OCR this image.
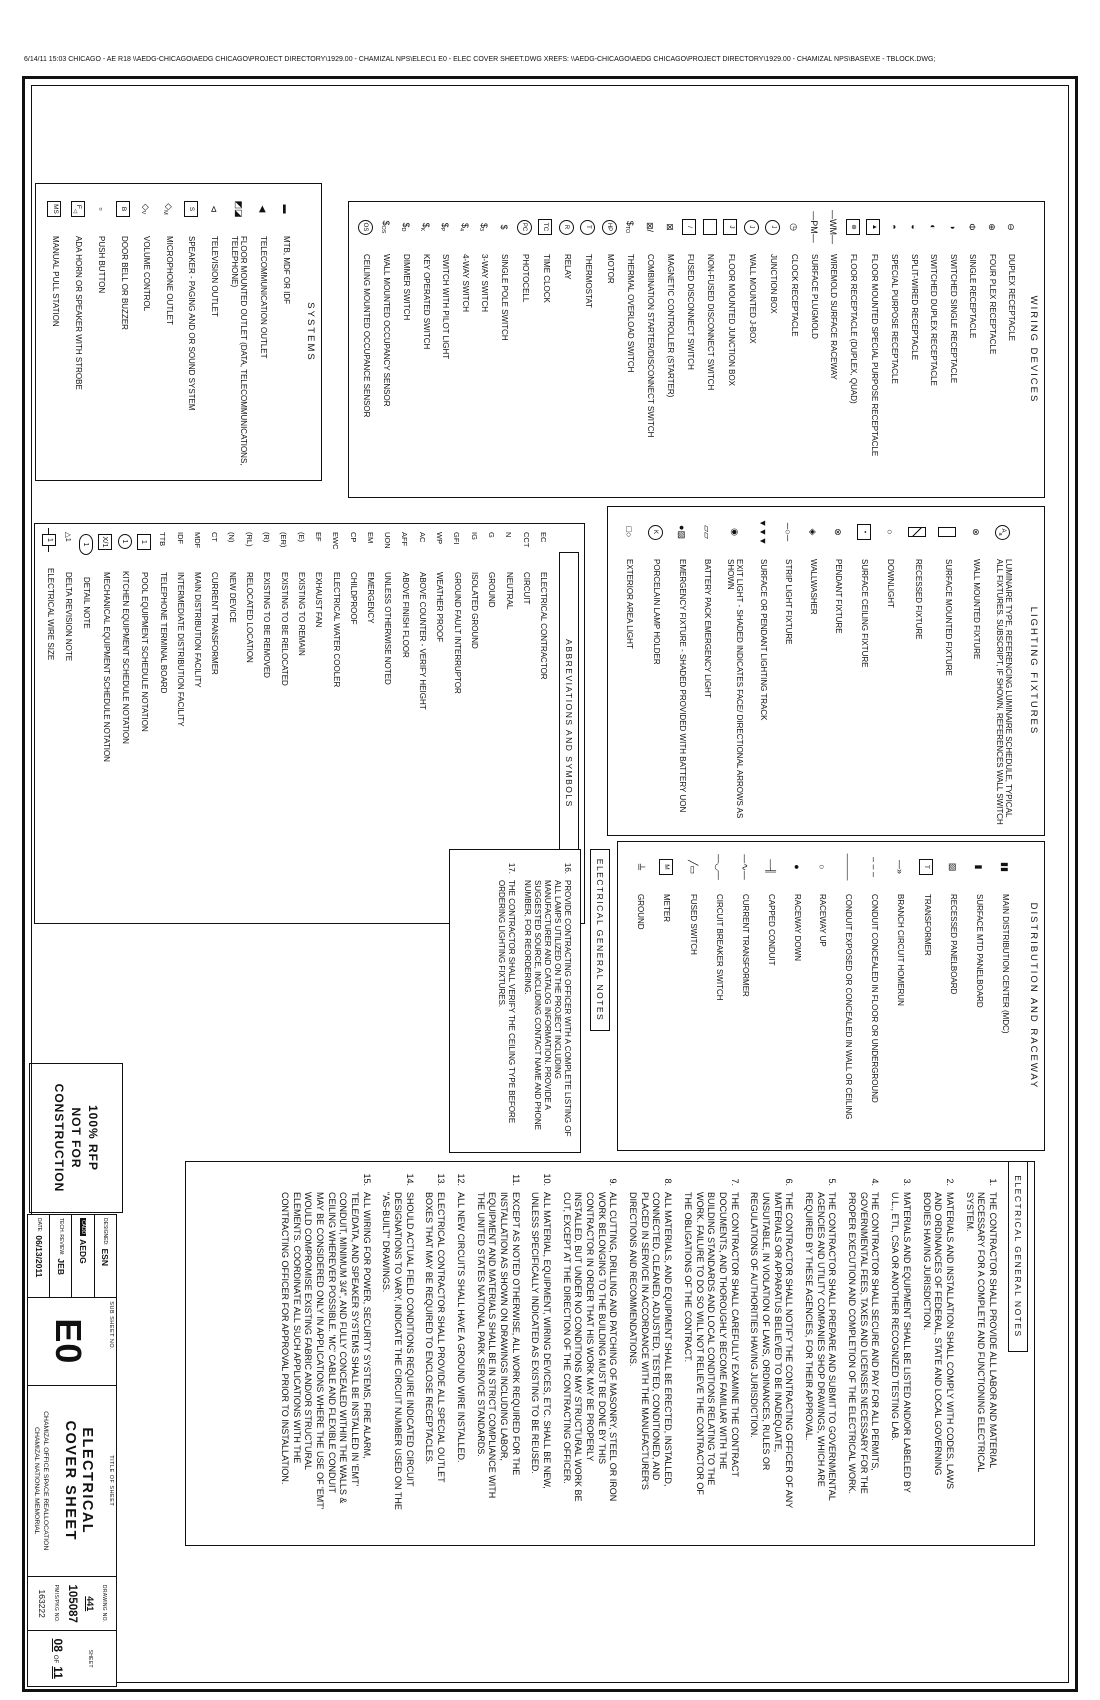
6/14/11 15:03 CHICAGO - AE R18 \\AEDG-CHICAGO\AEDG CHICAGO\PROJECT DIRECTORY\1929.00 - CHAMIZAL NPS\ELEC\1 E0 - ELEC COVER SHEET.DWG XREFS: \\AEDG-CHICAGO\AEDG CHICAGO\PROJECT DIRECTORY\1929.00 - CHAMIZAL NPS\BASE\XE - TBLOCK.DWG;
WIRING DEVICES
⊖
DUPLEX RECEPTACLE
⊕
FOUR PLEX RECEPTACLE
Φ
SINGLE RECEPTACLE
◑
SWITCHED SINGLE RECEPTACLE
◐
SWITCHED DUPLEX RECEPTACLE
◒
SPLIT-WIRED RECEPTACLE
◓
SPECIAL PURPOSE RECEPTACLE
▲
FLOOR MOUNTED SPECIAL PURPOSE RECEPTACLE
⊕
FLOOR RECEPTACLE (DUPLEX, QUAD)
—WM—
WIREMOLD SURFACE RACEWAY
—PM—
SURFACE PLUGMOLD
◷
CLOCK RECEPTACLE
J
JUNCTION BOX
J
WALL MOUNTED J-BOX
J
FLOOR MOUNTED JUNCTION BOX
NON-FUSED DISCONNECT SWITCH
/
FUSED DISCONNECT SWITCH
⊠
MAGNETIC CONTROLLER (STARTER)
⊠/
COMBINATION STARTER/DISCONNECT SWITCH
$
TO
THERMAL OVERLOAD SWITCH
HP
MOTOR
T
THERMOSTAT
R
RELAY
TC
TIME CLOCK
PC
PHOTOCELL
$
SINGLE POLE SWITCH
$
3
3-WAY SWITCH
$
4
4-WAY SWITCH
$
P
SWITCH WITH PILOT LIGHT
$
K
KEY OPERATED SWITCH
$
D
DIMMER SWITCH
$
OS
WALL MOUNTED OCCUPANCY SENSOR
OS
CEILING MOUNTED OCCUPANCE SENSOR
SYSTEMS
▬
MTB, MDF OR IDF
◀
TELECOMMUNICATION OUTLET
◩◪
FLOOR MOUNTED OUTLET (DATA, TELECOMMUNICATIONS, TELEPHONE)
⊲
TELEVISION OUTLET
S
SPEAKER - PAGING AND OR SOUND SYSTEM
◇
M
MICROPHONE OUTLET
◇
V
VOLUME CONTROL
B
DOOR BELL OR BUZZER
▫
PUSH BUTTON
F
◁
ADA HORN OR SPEAKER WITH STROBE
MS
MANUAL PULL STATION
LIGHTING FIXTURES
A
a
LUMINAIRE TYPE, REFERENCING LUMINAIRE SCHEDULE, TYPICAL ALL FIXTURES. SUBSCRIPT, IF SHOWN, REFERENCES WALL SWITCH
⊗
WALL MOUNTED FIXTURE
SURFACE MOUNTED FIXTURE
RECESSED FIXTURE
○
DOWNLIGHT
•
SURFACE CEILING FIXTURE
⊗
PENDANT FIXTURE
◈
WALLWASHER
─○─
STRIP LIGHT FIXTURE
▼▼▼
SURFACE OR PENDANT LIGHTING TRACK
◉
EXIT LIGHT - SHADED INDICATES FACE/ DIRECTIONAL ARROWS AS SHOWN
▱▱
BATTERY PACK EMERGENCY LIGHT
●▨
EMERGENCY FIXTURE - SHADED PROVIDED WITH BATTERY UON
K
PORCELAIN LAMP HOLDER
□○
EXTERIOR AREA LIGHT
ABBREVIATIONS AND SYMBOLS
EC
ELECTRICAL CONTRACTOR
CCT
CIRCUIT
N
NEUTRAL
G
GROUND
IG
ISOLATED GROUND
GFI
GROUND FAULT INTERRUPTOR
WP
WEATHER PROOF
AC
ABOVE COUNTER - VERIFY HEIGHT
AFF
ABOVE FINISH FLOOR
UON
UNLESS OTHERWISE NOTED
EM
EMERGENCY
CP
CHILDPROOF
EWC
ELECTRICAL WATER COOLER
EF
EXHAUST FAN
(E)
EXISTING TO REMAIN
(ER)
EXISTING TO BE RELOCATED
(R)
EXISTING TO BE REMOVED
(RL)
RELOCATED LOCATION
(N)
NEW DEVICE
CT
CURRENT TRANSFORMER
MDF
MAIN DISTRIBUTION FACILITY
IDF
INTERMEDIATE DISTRIBUTION FACILITY
TTB
TELEPHONE TERMINAL BOARD
1
POOL EQUIPMENT SCHEDULE NOTATION
1
KITCHEN EQUIPMENT SCHEDULE NOTATION
X/1
MECHANICAL EQUIPMENT SCHEDULE NOTATION
1
DETAIL NOTE
△1
DELTA REVISION NOTE
1
ELECTRICAL WIRE SIZE
DISTRIBUTION AND RACEWAY
▮▮
MAIN DISTRIBUTION CENTER (MDC)
▮
SURFACE MTD PANELBOARD
▨
RECESSED PANELBOARD
T
TRANSFORMER
—»
BRANCH CIRCUIT HOMERUN
– – –
CONDUIT CONCEALED IN FLOOR OR UNDERGROUND
———
CONDUIT EXPOSED OR CONCEALED IN WALL OR CEILING
○
RACEWAY UP
●
RACEWAY DOWN
—╢
CAPPED CONDUIT
—∿—
CURRENT TRANSFORMER
—◡—
CIRCUIT BREAKER SWITCH
╱▭
FUSED SWITCH
M
METER
╧
GROUND
ELECTRICAL GENERAL NOTES
16.
PROVIDE CONTRACTING OFFICER WITH A COMPLETE LISTING OF ALL LAMPS UTILIZED ON THE PROJECT INCLUDING MANUFACTURER AND CATALOG INFORMATION. PROVIDE A SUGGESTED SOURCE, INCLUDING CONTACT NAME AND PHONE NUMBER, FOR REORDERING.
17.
THE CONTRACTOR SHALL VERIFY THE CEILING TYPE BEFORE ORDERING LIGHTING FIXTURES.
ELECTRICAL GENERAL NOTES
1.
THE CONTRACTOR SHALL PROVIDE ALL LABOR AND MATERIAL NECESSARY FOR A COMPLETE AND FUNCTIONING ELECTRICAL SYSTEM.
2.
MATERIALS AND INSTALLATION SHALL COMPLY WITH CODES, LAWS AND ORDINANCES OF FEDERAL, STATE AND LOCAL GOVERNING BODIES HAVING JURISDICTION.
3.
MATERIALS AND EQUIPMENT SHALL BE LISTED AND/OR LABELED BY U.L., ETL, CSA OR ANOTHER RECOGNIZED TESTING LAB.
4.
THE CONTRACTOR SHALL SECURE AND PAY FOR ALL PERMITS, GOVERNMENTAL FEES, TAXES AND LICENSES NECESSARY FOR THE PROPER EXECUTION AND COMPLETION OF THE ELECTRICAL WORK.
5.
THE CONTRACTOR SHALL PREPARE AND SUBMIT TO GOVERNMENTAL AGENCIES AND UTILITY COMPANIES SHOP DRAWINGS, WHICH ARE REQUIRED BY THESE AGENCIES, FOR THEIR APPROVAL.
6.
THE CONTRACTOR SHALL NOTIFY THE CONTRACTING OFFICER OF ANY MATERIALS OR APPARATUS BELIEVED TO BE INADEQUATE, UNSUITABLE, IN VIOLATION OF LAWS, ORDINANCES, RULES OR REGULATIONS OF AUTHORITIES HAVING JURISDICTION.
7.
THE CONTRACTOR SHALL CAREFULLY EXAMINE THE CONTRACT DOCUMENTS, AND THOROUGHLY BECOME FAMILIAR WITH THE BUILDING STANDARDS AND LOCAL CONDITIONS RELATING TO THE WORK. FAILURE TO DO SO WILL NOT RELIEVE THE CONTRACTOR OF THE OBLIGATIONS OF THE CONTRACT.
8.
ALL MATERIALS, AND EQUIPMENT SHALL BE ERECTED, INSTALLED, CONNECTED, CLEANED, ADJUSTED, TESTED, CONDITIONED, AND PLACED IN SERVICE IN ACCORDANCE WITH THE MANUFACTURER'S DIRECTIONS AND RECOMMENDATIONS.
9.
ALL CUTTING, DRILLING AND PATCHING OF MASONRY, STEEL OR IRON WORK BELONGING TO THE BUILDING MUST BE DONE BY THIS CONTRACTOR IN ORDER THAT HIS WORK MAY BE PROPERLY INSTALLED, BUT UNDER NO CONDITIONS MAY STRUCTURAL WORK BE CUT, EXCEPT AT THE DIRECTION OF THE CONTRACTING OFFICER.
10.
ALL MATERIAL, EQUIPMENT, WIRING DEVICES, ETC. SHALL BE NEW, UNLESS SPECIFICALLY INDICATED AS EXISTING TO BE REUSED.
11.
EXCEPT AS NOTED OTHERWISE, ALL WORK REQUIRED FOR THE INSTALLATION AS SHOWN ON DRAWINGS INCLUDING LABOR, EQUIPMENT AND MATERIALS SHALL BE IN STRICT COMPLIANCE WITH THE UNITED STATES NATIONAL PARK SERVICE STANDARDS.
12.
ALL NEW CIRCUITS SHALL HAVE A GROUND WIRE INSTALLED.
13.
ELECTRICAL CONTRACTOR SHALL PROVIDE ALL SPECIAL OUTLET BOXES THAT MAY BE REQUIRED TO ENCLOSE RECEPTACLES.
14.
SHOULD ACTUAL FIELD CONDITIONS REQUIRE INDICATED CIRCUIT DESIGNATIONS TO VARY, INDICATE THE CIRCUIT NUMBER USED ON THE "AS-BUILT" DRAWINGS.
15.
ALL WIRING FOR POWER, SECURITY SYSTEMS, FIRE ALARM, TELE/DATA, AND SPEAKER SYSTEMS SHALL BE INSTALLED IN 'EMT' CONDUIT, MINIMUM 3/4", AND FULLY CONCEALED WITHIN THE WALLS & CEILING WHEREVER POSSIBLE. 'MC' CABLE AND FLEXIBLE CONDUIT MAY BE CONSIDERED ONLY IN APPLICATIONS WHERE THE USE OF 'EMT' WOULD COMPROMISE EXISTING FABRIC AND/OR STRUCTURAL ELEMENTS. COORDINATE ALL SUCH APPLICATIONS WITH THE CONTRACTING OFFICER FOR APPROVAL PRIOR TO INSTALLATION.
100% RFP
NOT FOR
CONSTRUCTION
DESIGNED:
ESN
CADD
AEDG
TECH. REVIEW:
JEB
DATE:
06/13/2011
SUB SHEET NO.
E0
TITLE OF SHEET
ELECTRICAL
COVER SHEET
CHAMIZAL OFFICE SPACE REALLOCATION
CHAMIZAL NATIONAL MEMORIAL
DRAWING NO.
441
105087
PMIS/PKG NO.
163222
SHEET
08
OF
11
